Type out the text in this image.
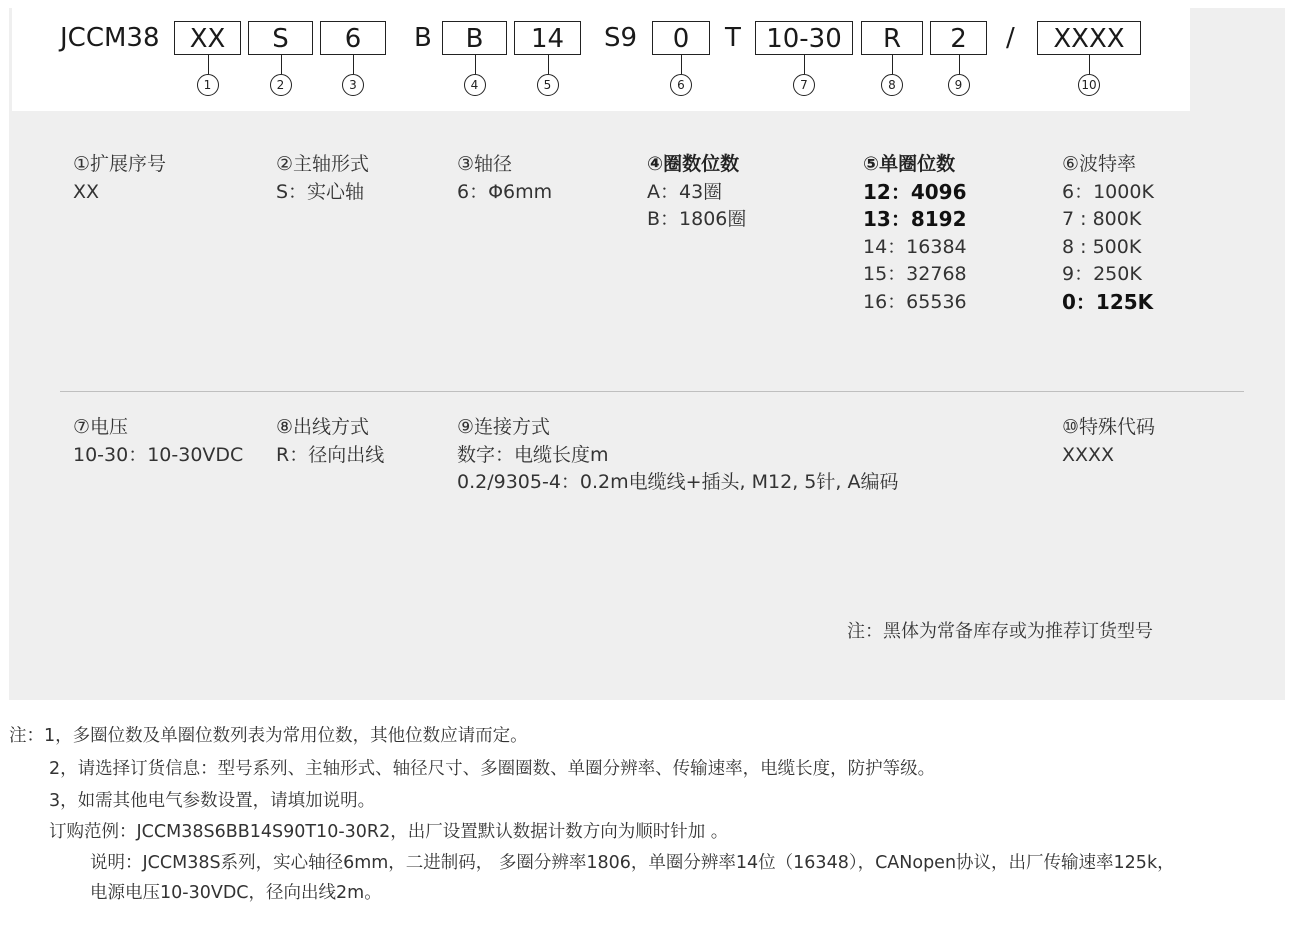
JCCM38	XX
1
S
2
6
3
B	B
4
14
5
S9	0
6
T 10-30
7
R
8
2
9
/	XXXX
10
①扩展序号
XX
②主轴形式
S：实心轴
③轴径
6：Φ6mm
④圈数位数
A：43圈
B：1806圈
⑤单圈位数
12：4096
13：8192
14：16384
15：32768
16：65536
⑥波特率
6：1000K
7 : 800K
8 : 500K
9：250K
0：125K
⑦电压
10-30：10-30VDC
⑧出线方式
R：径向出线
⑨连接方式
数字：电缆长度m
0.2/9305-4：0.2m电缆线+插头, M12, 5针, A编码
⑩特殊代码
XXXX
注：黑体为常备库存或为推荐订货型号
注：1，多圈位数及单圈位数列表为常用位数，其他位数应请而定。
2，请选择订货信息：型号系列、主轴形式、轴径尺寸、多圈圈数、单圈分辨率、传输速率，电缆长度，防护等级。
3，如需其他电气参数设置，请填加说明。
订购范例：JCCM38S6BB14S90T10-30R2，出厂设置默认数据计数方向为顺时针加 。
说明：JCCM38S系列，实心轴径6mm，二进制码， 多圈分辨率1806，单圈分辨率14位（16348），CANopen协议，出厂传输速率125k，
电源电压10-30VDC，径向出线2m。
